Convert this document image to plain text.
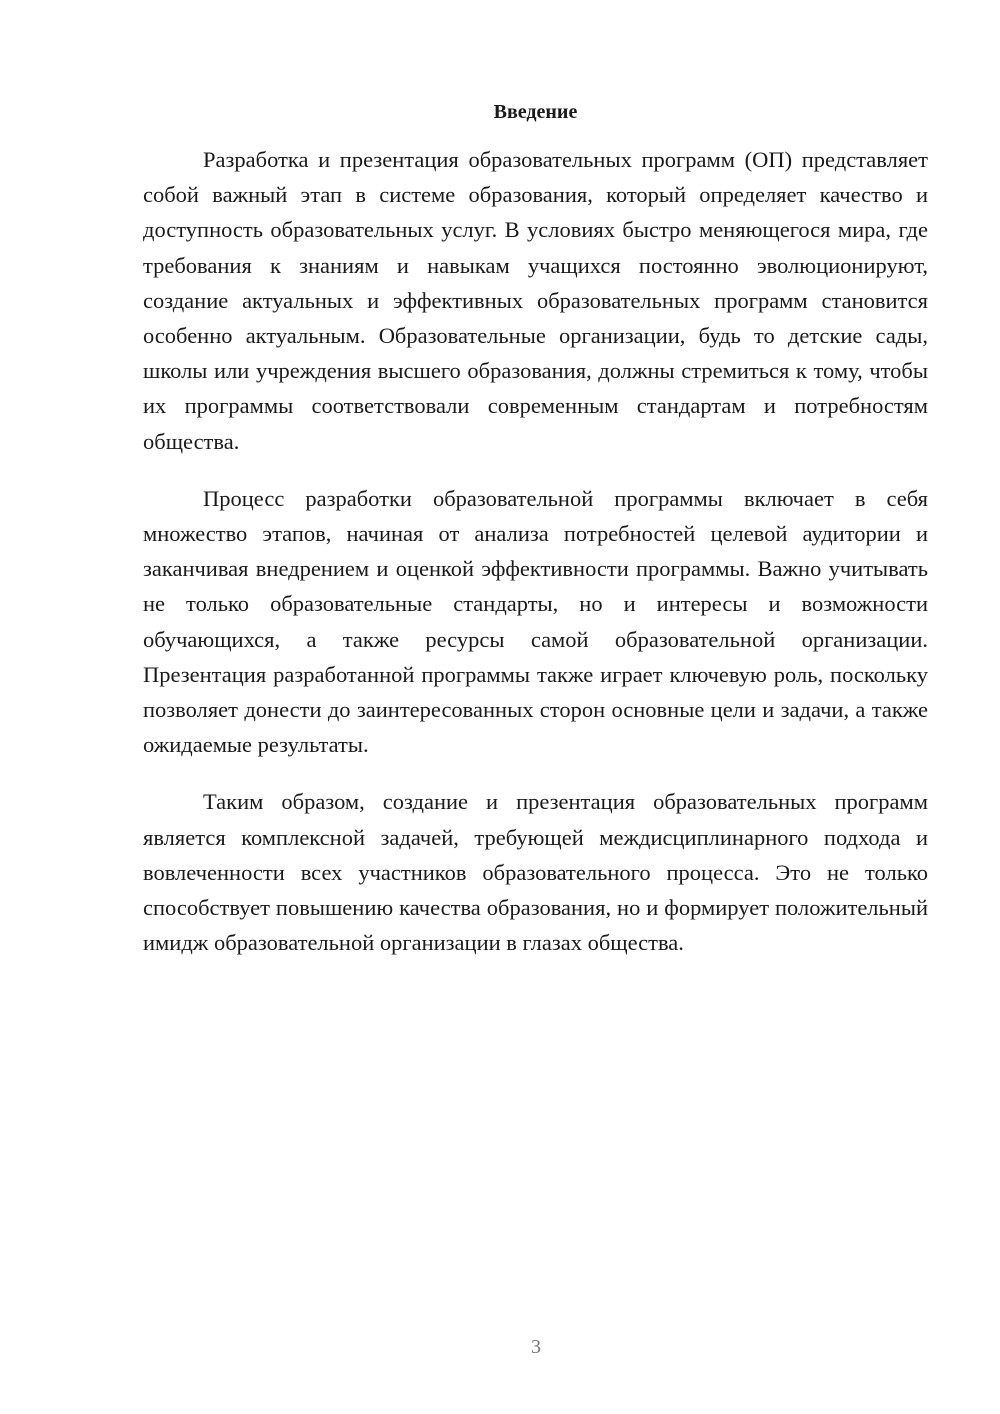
Введение

Разработка и презентация образовательных программ (ОП) представляет собой важный этап в системе образования, который определяет качество и доступность образовательных услуг. В условиях быстро меняющегося мира, где требования к знаниям и навыкам учащихся постоянно эволюционируют, создание актуальных и эффективных образовательных программ становится особенно актуальным. Образовательные организации, будь то детские сады, школы или учреждения высшего образования, должны стремиться к тому, чтобы их программы соответствовали современным стандартам и потребностям общества.

Процесс разработки образовательной программы включает в себя множество этапов, начиная от анализа потребностей целевой аудитории и заканчивая внедрением и оценкой эффективности программы. Важно учитывать не только образовательные стандарты, но и интересы и возможности обучающихся, а также ресурсы самой образовательной организации. Презентация разработанной программы также играет ключевую роль, поскольку позволяет донести до заинтересованных сторон основные цели и задачи, а также ожидаемые результаты.

Таким образом, создание и презентация образовательных программ является комплексной задачей, требующей междисциплинарного подхода и вовлеченности всех участников образовательного процесса. Это не только способствует повышению качества образования, но и формирует положительный имидж образовательной организации в глазах общества.

3
